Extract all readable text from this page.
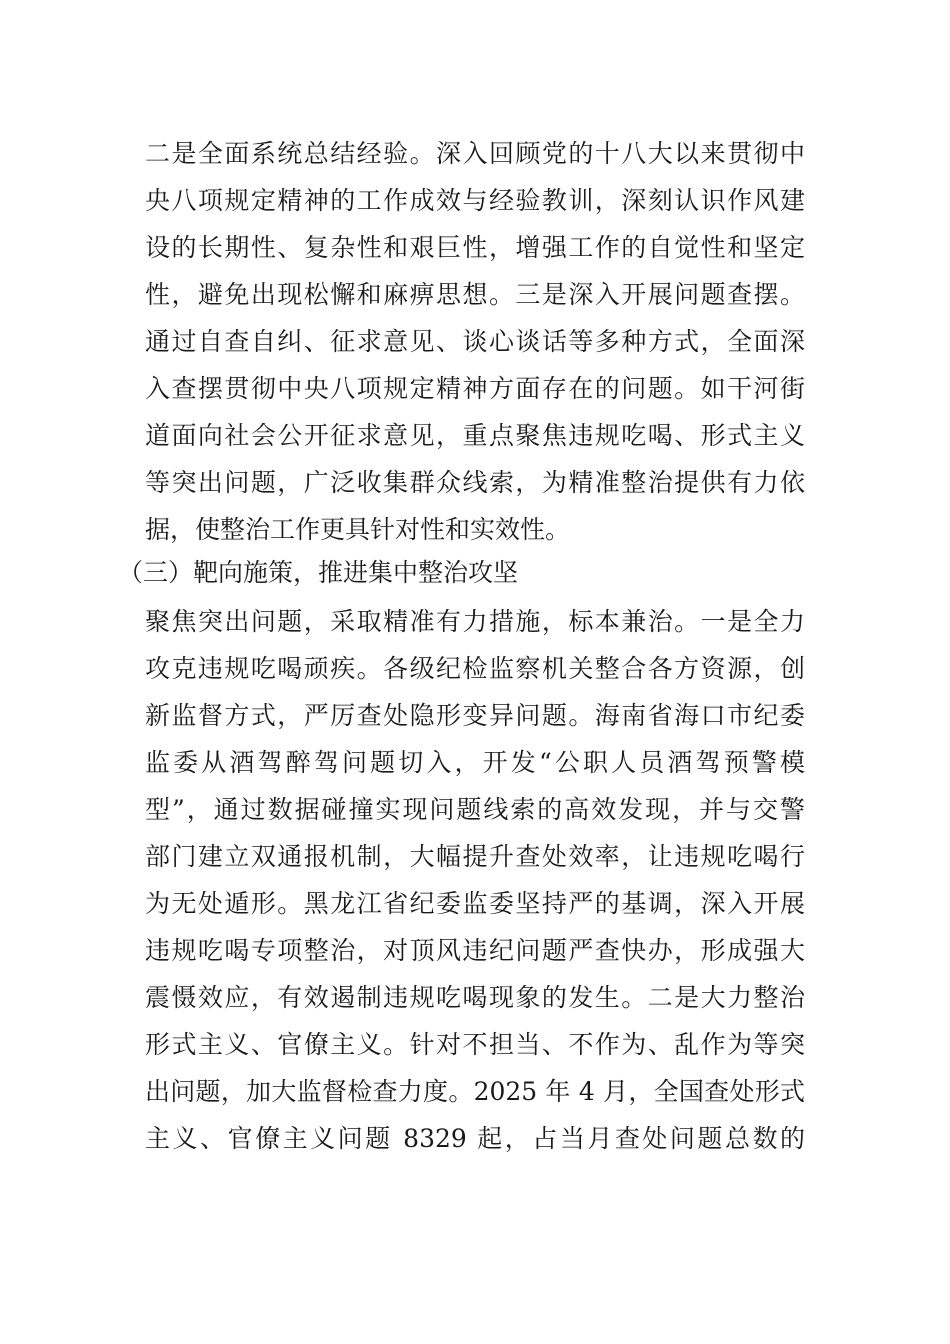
二是全面系统总结经验。深入回顾党的十八大以来贯彻中
央八项规定精神的工作成效与经验教训，深刻认识作风建
设的长期性、复杂性和艰巨性，增强工作的自觉性和坚定
性，避免出现松懈和麻痹思想。三是深入开展问题查摆。
通过自查自纠、征求意见、谈心谈话等多种方式，全面深
入查摆贯彻中央八项规定精神方面存在的问题。如干河街
道面向社会公开征求意见，重点聚焦违规吃喝、形式主义
等突出问题，广泛收集群众线索，为精准整治提供有力依
据，使整治工作更具针对性和实效性。
（三）靶向施策，推进集中整治攻坚
聚焦突出问题，采取精准有力措施，标本兼治。一是全力
攻克违规吃喝顽疾。各级纪检监察机关整合各方资源，创
新监督方式，严厉查处隐形变异问题。海南省海口市纪委
监委从酒驾醉驾问题切入，开发“公职人员酒驾预警模
型”，通过数据碰撞实现问题线索的高效发现，并与交警
部门建立双通报机制，大幅提升查处效率，让违规吃喝行
为无处遁形。黑龙江省纪委监委坚持严的基调，深入开展
违规吃喝专项整治，对顶风违纪问题严查快办，形成强大
震慑效应，有效遏制违规吃喝现象的发生。二是大力整治
形式主义、官僚主义。针对不担当、不作为、乱作为等突
出问题，加大监督检查力度。2025 年 4 月，全国查处形式
主义、官僚主义问题 8329 起，占当月查处问题总数的
